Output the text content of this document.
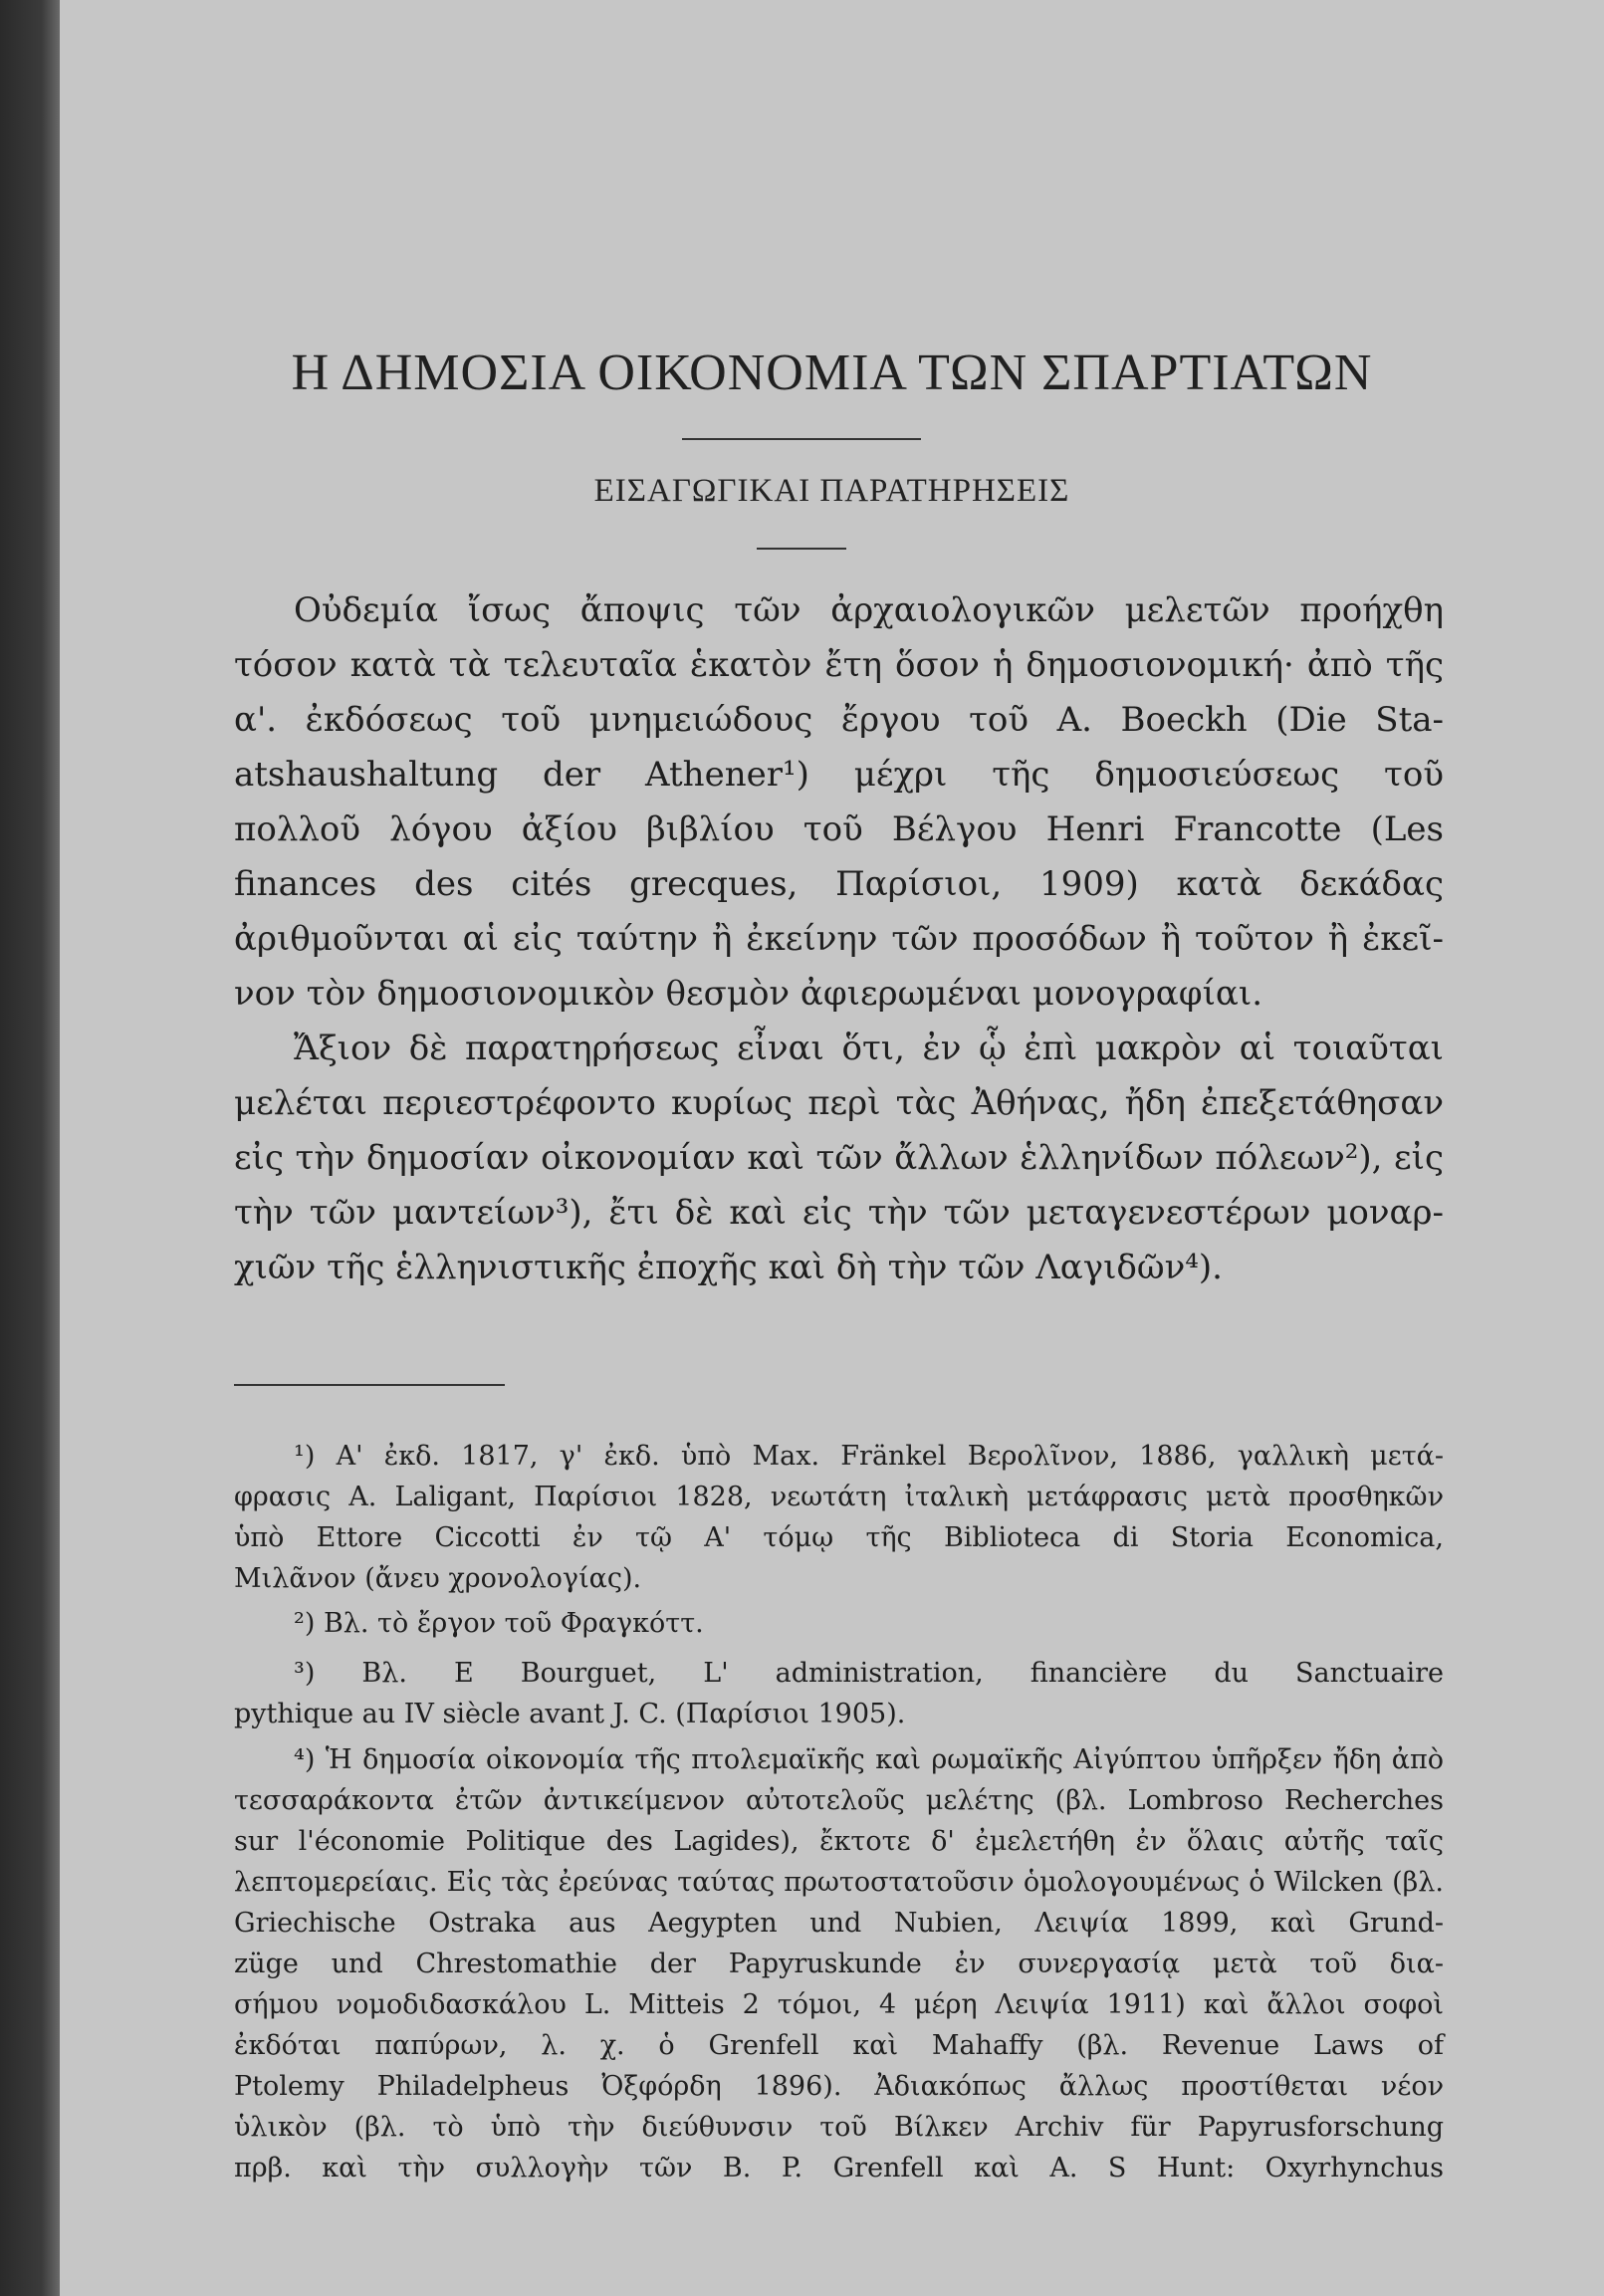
Η ΔΗΜΟΣΙΑ ΟΙΚΟΝΟΜΙΑ ΤΩΝ ΣΠΑΡΤΙΑΤΩΝ
ΕΙΣΑΓΩΓΙΚΑΙ ΠΑΡΑΤΗΡΗΣΕΙΣ
Οὐδεμία ἴσως ἄποψις τῶν ἀρχαιολογικῶν μελετῶν προήχθη
τόσον κατὰ τὰ τελευταῖα ἑκατὸν ἔτη ὅσον ἡ δημοσιονομική· ἀπὸ τῆς
α'. ἐκδόσεως τοῦ μνημειώδους ἔργου τοῦ A. Boeckh (Die Sta-
atshaushaltung der Athener¹) μέχρι τῆς δημοσιεύσεως τοῦ
πολλοῦ λόγου ἀξίου βιβλίου τοῦ Βέλγου Henri Francotte (Les
finances des cités grecques, Παρίσιοι, 1909) κατὰ δεκάδας
ἀριθμοῦνται αἱ εἰς ταύτην ἢ ἐκείνην τῶν προσόδων ἢ τοῦτον ἢ ἐκεῖ-
νον τὸν δημοσιονομικὸν θεσμὸν ἀφιερωμέναι μονογραφίαι.
Ἄξιον δὲ παρατηρήσεως εἶναι ὅτι, ἐν ᾧ ἐπὶ μακρὸν αἱ τοιαῦται
μελέται περιεστρέφοντο κυρίως περὶ τὰς Ἀθήνας, ἤδη ἐπεξετάθησαν
εἰς τὴν δημοσίαν οἰκονομίαν καὶ τῶν ἄλλων ἑλληνίδων πόλεων²), εἰς
τὴν τῶν μαντείων³), ἔτι δὲ καὶ εἰς τὴν τῶν μεταγενεστέρων μοναρ-
χιῶν τῆς ἑλληνιστικῆς ἐποχῆς καὶ δὴ τὴν τῶν Λαγιδῶν⁴).
¹) Α' ἐκδ. 1817, γ' ἐκδ. ὑπὸ Max. Fränkel Βερολῖνον, 1886, γαλλικὴ μετά-
φρασις A. Laligant, Παρίσιοι 1828, νεωτάτη ἰταλικὴ μετάφρασις μετὰ προσθηκῶν
ὑπὸ Ettore Ciccotti ἐν τῷ Α' τόμῳ τῆς Biblioteca di Storia Economica,
Μιλᾶνον (ἄνευ χρονολογίας).
²) Βλ. τὸ ἔργον τοῦ Φραγκόττ.
³) Βλ. E Bourguet, L' administration, financière du Sanctuaire
pythique au IV siècle avant J. C. (Παρίσιοι 1905).
⁴) Ἡ δημοσία οἰκονομία τῆς πτολεμαϊκῆς καὶ ρωμαϊκῆς Αἰγύπτου ὑπῆρξεν ἤδη ἀπὸ
τεσσαράκοντα ἐτῶν ἀντικείμενον αὐτοτελοῦς μελέτης (βλ. Lombroso Recherches
sur l'économie Politique des Lagides), ἔκτοτε δ' ἐμελετήθη ἐν ὅλαις αὐτῆς ταῖς
λεπτομερείαις. Εἰς τὰς ἐρεύνας ταύτας πρωτοστατοῦσιν ὁμολογουμένως ὁ Wilcken (βλ.
Griechische Ostraka aus Aegypten und Nubien, Λειψία 1899, καὶ Grund-
züge und Chrestomathie der Papyruskunde ἐν συνεργασίᾳ μετὰ τοῦ δια-
σήμου νομοδιδασκάλου L. Mitteis 2 τόμοι, 4 μέρη Λειψία 1911) καὶ ἄλλοι σοφοὶ
ἐκδόται παπύρων, λ. χ. ὁ Grenfell καὶ Mahaffy (βλ. Revenue Laws of
Ptolemy Philadelpheus Ὀξφόρδη 1896). Ἀδιακόπως ἄλλως προστίθεται νέον
ὑλικὸν (βλ. τὸ ὑπὸ τὴν διεύθυνσιν τοῦ Βίλκεν Archiv für Papyrusforschung
πρβ. καὶ τὴν συλλογὴν τῶν B. P. Grenfell καὶ A. S Hunt: Oxyrhynchus
